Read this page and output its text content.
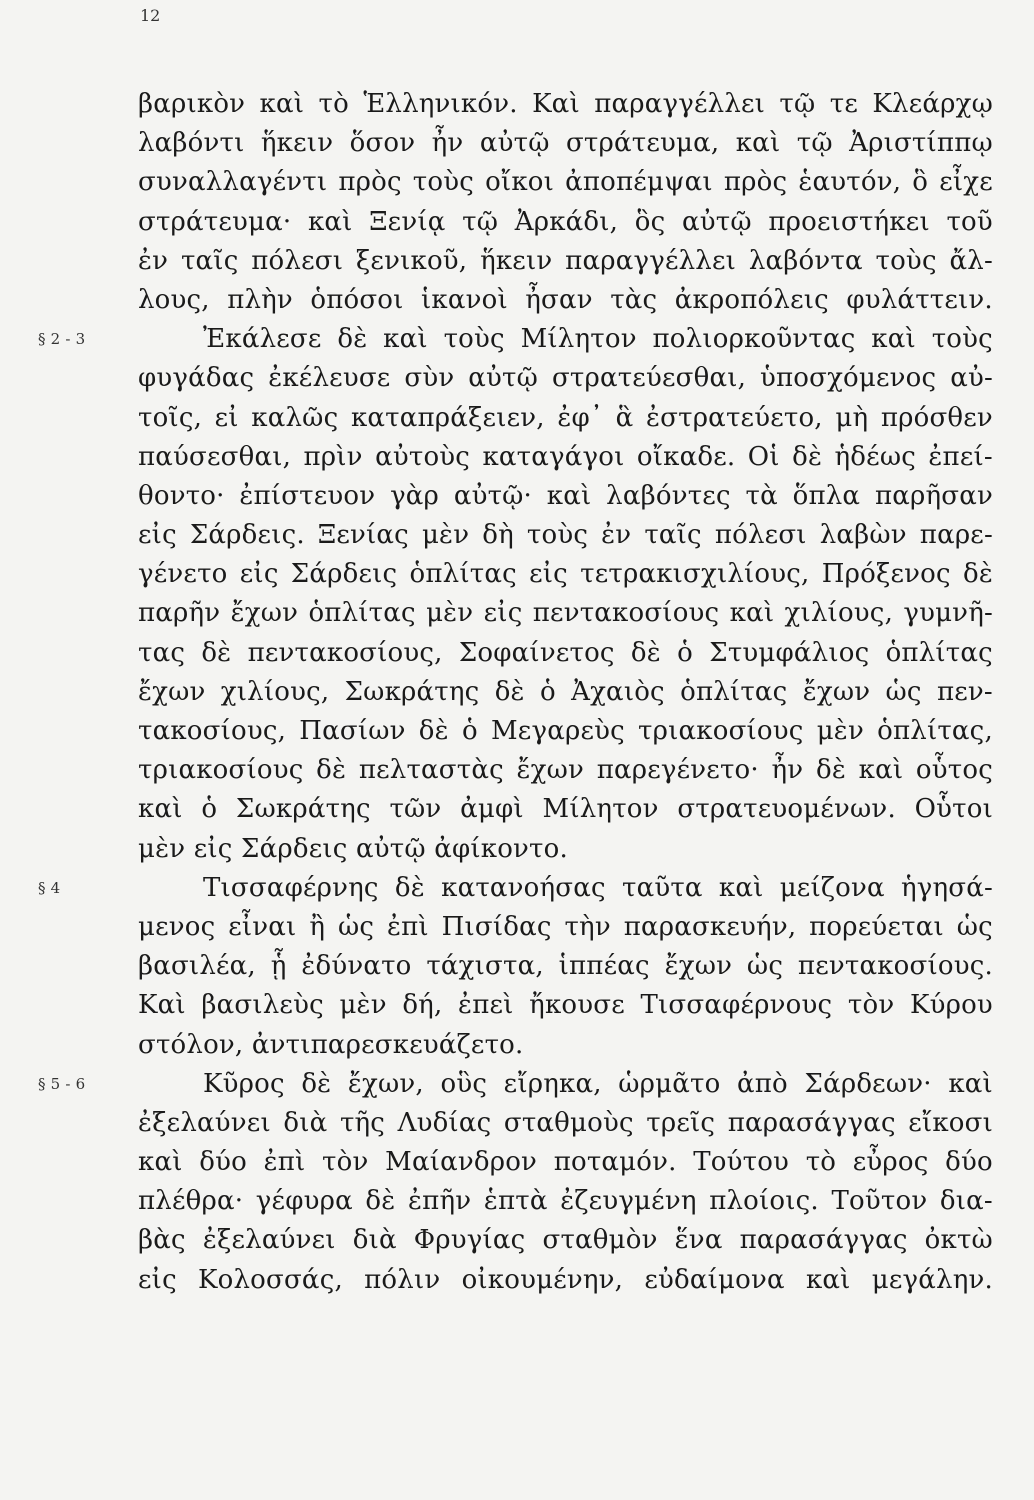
12
βαρικὸν καὶ τὸ Ἑλληνικόν. Καὶ παραγγέλλει τῷ τε Κλεάρχῳ
λαβόντι ἥκειν ὅσον ἦν αὐτῷ στράτευμα, καὶ τῷ Ἀριστίππῳ
συναλλαγέντι πρὸς τοὺς οἴκοι ἀποπέμψαι πρὸς ἑαυτόν, ὃ εἶχε
στράτευμα· καὶ Ξενίᾳ τῷ Ἀρκάδι, ὃς αὐτῷ προειστήκει τοῦ
ἐν ταῖς πόλεσι ξενικοῦ, ἥκειν παραγγέλλει λαβόντα τοὺς ἄλ-
λους, πλὴν ὁπόσοι ἱκανοὶ ἦσαν τὰς ἀκροπόλεις φυλάττειν.
§ 2 - 3	Ἐκάλεσε δὲ καὶ τοὺς Μίλητον πολιορκοῦντας καὶ τοὺς
φυγάδας ἐκέλευσε σὺν αὐτῷ στρατεύεσθαι, ὑποσχόμενος αὐ-
τοῖς, εἰ καλῶς καταπράξειεν, ἐφ᾽ ἃ ἐστρατεύετο, μὴ πρόσθεν
παύσεσθαι, πρὶν αὐτοὺς καταγάγοι οἴκαδε. Οἱ δὲ ἡδέως ἐπεί-
θοντο· ἐπίστευον γὰρ αὐτῷ· καὶ λαβόντες τὰ ὅπλα παρῆσαν
εἰς Σάρδεις. Ξενίας μὲν δὴ τοὺς ἐν ταῖς πόλεσι λαβὼν παρε-
γένετο εἰς Σάρδεις ὁπλίτας εἰς τετρακισχιλίους, Πρόξενος δὲ
παρῆν ἔχων ὁπλίτας μὲν εἰς πεντακοσίους καὶ χιλίους, γυμνῆ-
τας δὲ πεντακοσίους, Σοφαίνετος δὲ ὁ Στυμφάλιος ὁπλίτας
ἔχων χιλίους, Σωκράτης δὲ ὁ Ἀχαιὸς ὁπλίτας ἔχων ὡς πεν-
τακοσίους, Πασίων δὲ ὁ Μεγαρεὺς τριακοσίους μὲν ὁπλίτας,
τριακοσίους δὲ πελταστὰς ἔχων παρεγένετο· ἦν δὲ καὶ οὗτος
καὶ ὁ Σωκράτης τῶν ἀμφὶ Μίλητον στρατευομένων. Οὗτοι
μὲν εἰς Σάρδεις αὐτῷ ἀφίκοντο.
§ 4	Τισσαφέρνης δὲ κατανοήσας ταῦτα καὶ μείζονα ἡγησά-
μενος εἶναι ἢ ὡς ἐπὶ Πισίδας τὴν παρασκευήν, πορεύεται ὡς
βασιλέα, ᾗ ἐδύνατο τάχιστα, ἱππέας ἔχων ὡς πεντακοσίους.
Καὶ βασιλεὺς μὲν δή, ἐπεὶ ἤκουσε Τισσαφέρνους τὸν Κύρου
στόλον, ἀντιπαρεσκευάζετο.
§ 5 - 6	Κῦρος δὲ ἔχων, οὓς εἴρηκα, ὡρμᾶτο ἀπὸ Σάρδεων· καὶ
ἐξελαύνει διὰ τῆς Λυδίας σταθμοὺς τρεῖς παρασάγγας εἴκοσι
καὶ δύο ἐπὶ τὸν Μαίανδρον ποταμόν. Τούτου τὸ εὖρος δύο
πλέθρα· γέφυρα δὲ ἐπῆν ἑπτὰ ἐζευγμένη πλοίοις. Τοῦτον δια-
βὰς ἐξελαύνει διὰ Φρυγίας σταθμὸν ἕνα παρασάγγας ὀκτὼ
εἰς Κολοσσάς, πόλιν οἰκουμένην, εὐδαίμονα καὶ μεγάλην.
